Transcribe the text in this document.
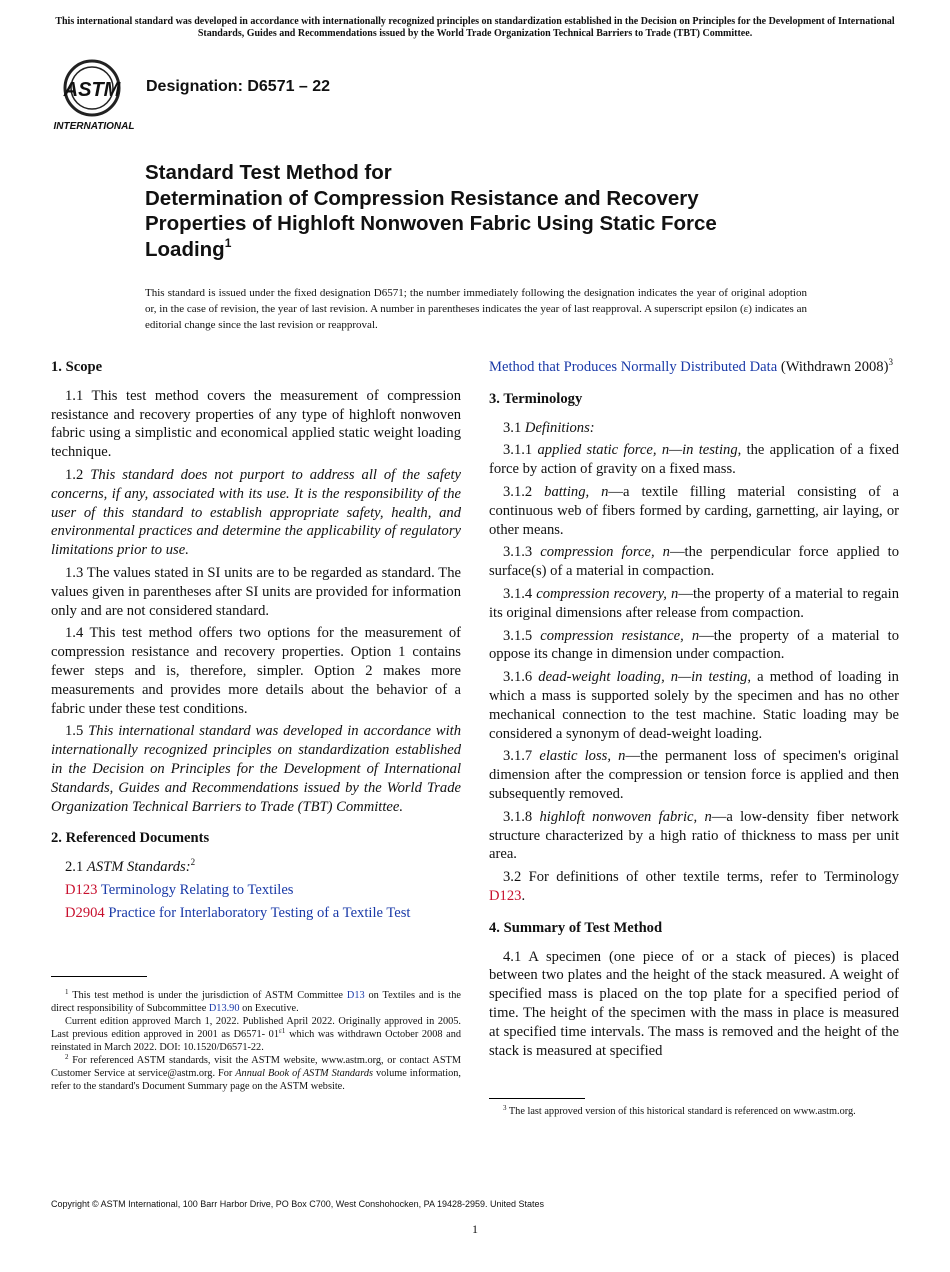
This international standard was developed in accordance with internationally recognized principles on standardization established in the Decision on Principles for the Development of International Standards, Guides and Recommendations issued by the World Trade Organization Technical Barriers to Trade (TBT) Committee.
ASTM
INTERNATIONAL
Designation: D6571 – 22
Standard Test Method for
Determination of Compression Resistance and Recovery
Properties of Highloft Nonwoven Fabric Using Static Force
Loading$^1$
This standard is issued under the fixed designation D6571; the number immediately following the designation indicates the year of original adoption or, in the case of revision, the year of last revision. A number in parentheses indicates the year of last reapproval. A superscript epsilon (ε) indicates an editorial change since the last revision or reapproval.
1. Scope

1.1 This test method covers the measurement of compression resistance and recovery properties of any type of highloft nonwoven fabric using a simplistic and economical applied static weight loading technique.

1.2 This standard does not purport to address all of the safety concerns, if any, associated with its use. It is the responsibility of the user of this standard to establish appropriate safety, health, and environmental practices and determine the applicability of regulatory limitations prior to use.

1.3 The values stated in SI units are to be regarded as standard. The values given in parentheses after SI units are provided for information only and are not considered standard.

1.4 This test method offers two options for the measurement of compression resistance and recovery properties. Option 1 contains fewer steps and is, therefore, simpler. Option 2 makes more measurements and provides more details about the behavior of a fabric under these test conditions.

1.5 This international standard was developed in accordance with internationally recognized principles on standardization established in the Decision on Principles for the Development of International Standards, Guides and Recommendations issued by the World Trade Organization Technical Barriers to Trade (TBT) Committee.

2. Referenced Documents

2.1 ASTM Standards:$^2$

D123 Terminology Relating to Textiles

D2904 Practice for Interlaboratory Testing of a Textile Test

$^1$ This test method is under the jurisdiction of ASTM Committee D13 on Textiles and is the direct responsibility of Subcommittee D13.90 on Executive.

Current edition approved March 1, 2022. Published April 2022. Originally approved in 2005. Last previous edition approved in 2001 as D6571- $01^{\varepsilon 1}$ which was withdrawn October 2008 and reinstated in March 2022. DOI: 10.1520/D6571-22.

$^2$ For referenced ASTM standards, visit the ASTM website, www.astm.org, or contact ASTM Customer Service at service@astm.org. For Annual Book of ASTM Standards volume information, refer to the standard's Document Summary page on the ASTM website.

Method that Produces Normally Distributed Data (Withdrawn 2008)$^3$

3. Terminology

3.1 Definitions:

3.1.1 applied static force, n—in testing, the application of a fixed force by action of gravity on a fixed mass.

3.1.2 batting, n—a textile filling material consisting of a continuous web of fibers formed by carding, garnetting, air laying, or other means.

3.1.3 compression force, n—the perpendicular force applied to surface(s) of a material in compaction.

3.1.4 compression recovery, n—the property of a material to regain its original dimensions after release from compaction.

3.1.5 compression resistance, n—the property of a material to oppose its change in dimension under compaction.

3.1.6 dead-weight loading, n—in testing, a method of loading in which a mass is supported solely by the specimen and has no other mechanical connection to the test machine. Static loading may be considered a synonym of dead-weight loading.

3.1.7 elastic loss, n—the permanent loss of specimen's original dimension after the compression or tension force is applied and then subsequently removed.

3.1.8 highloft nonwoven fabric, n—a low-density fiber network structure characterized by a high ratio of thickness to mass per unit area.

3.2 For definitions of other textile terms, refer to Terminology D123.

4. Summary of Test Method

4.1 A specimen (one piece of or a stack of pieces) is placed between two plates and the height of the stack measured. A weight of specified mass is placed on the top plate for a specified period of time. The height of the specimen with the mass in place is measured at specified time intervals. The mass is removed and the height of the stack is measured at specified

$^3$ The last approved version of this historical standard is referenced on www.astm.org.

Copyright © ASTM International, 100 Barr Harbor Drive, PO Box C700, West Conshohocken, PA 19428-2959. United States
1
